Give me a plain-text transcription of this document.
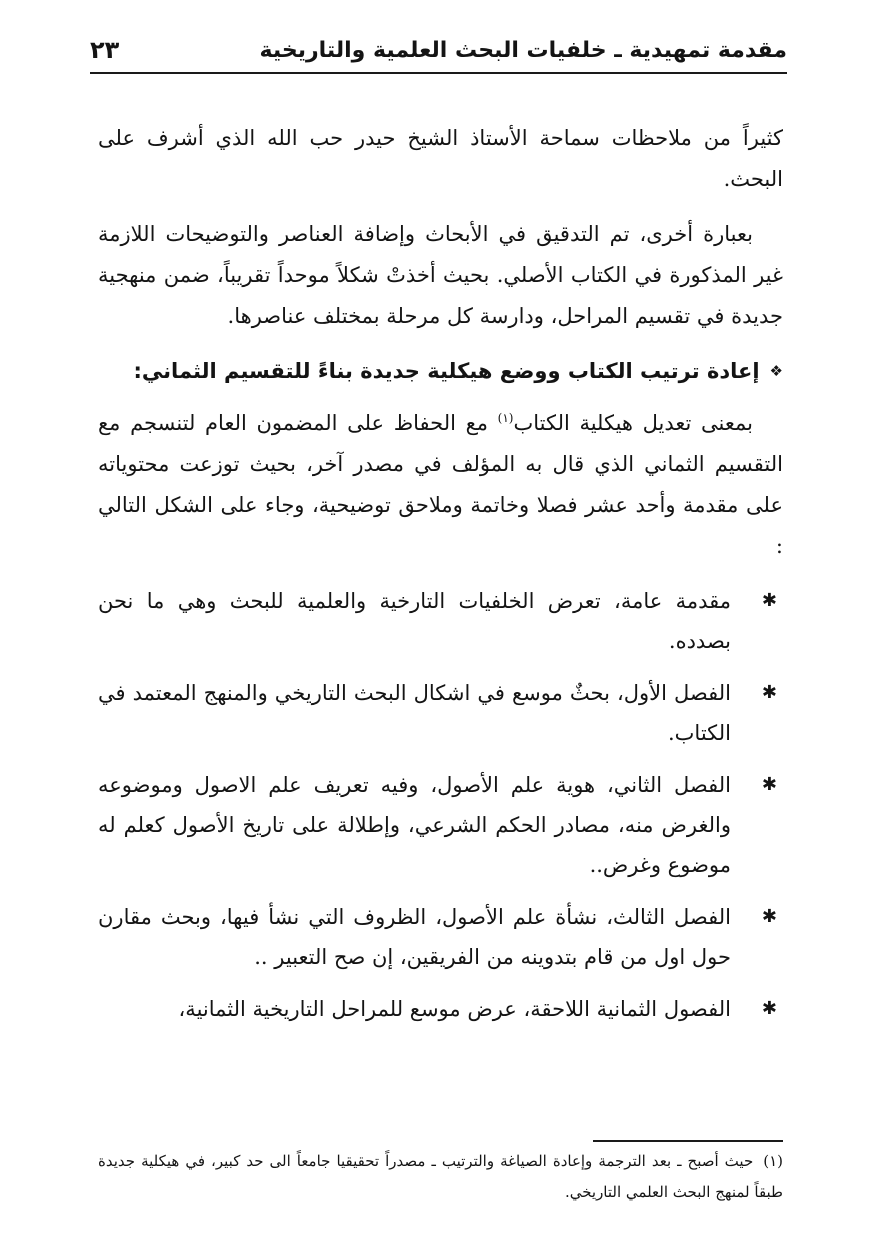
مقدمة تمهيدية ـ خلفيات البحث العلمية والتاريخية
٢٣

كثيراً من ملاحظات سماحة الأستاذ الشيخ حيدر حب الله الذي أشرف على البحث.

بعبارة أخرى، تم التدقيق في الأبحاث وإضافة العناصر والتوضيحات اللازمة غير المذكورة في الكتاب الأصلي. بحيث أخذتْ شكلاً موحداً تقريباً، ضمن منهجية جديدة في تقسيم المراحل، ودارسة كل مرحلة بمختلف عناصرها.

❖
إعادة ترتيب الكتاب ووضع هيكلية جديدة بناءً للتقسيم الثماني:

بمعنى تعديل هيكلية الكتاب$^{(١)}$ مع الحفاظ على المضمون العام لتنسجم مع التقسيم الثماني الذي قال به المؤلف في مصدر آخر، بحيث توزعت محتوياته على مقدمة وأحد عشر فصلا وخاتمة وملاحق توضيحية، وجاء على الشكل التالي :

✱
مقدمة عامة، تعرض الخلفيات التارخية والعلمية للبحث وهي ما نحن بصدده.
✱
الفصل الأول، بحثٌ موسع في اشكال البحث التاريخي والمنهج المعتمد في الكتاب.
✱
الفصل الثاني، هوية علم الأصول، وفيه تعريف علم الاصول وموضوعه والغرض منه، مصادر الحكم الشرعي، وإطلالة على تاريخ الأصول كعلم له موضوع وغرض..
✱
الفصل الثالث، نشأة علم الأصول، الظروف التي نشأ فيها، وبحث مقارن حول اول من قام بتدوينه من الفريقين، إن صح التعبير ..
✱
الفصول الثمانية اللاحقة، عرض موسع للمراحل التاريخية الثمانية،
(١)حيث أصبح ـ بعد الترجمة وإعادة الصياغة والترتيب ـ مصدراً تحقيقيا جامعاً الى حد كبير، في هيكلية جديدة طبقاً لمنهج البحث العلمي التاريخي.
